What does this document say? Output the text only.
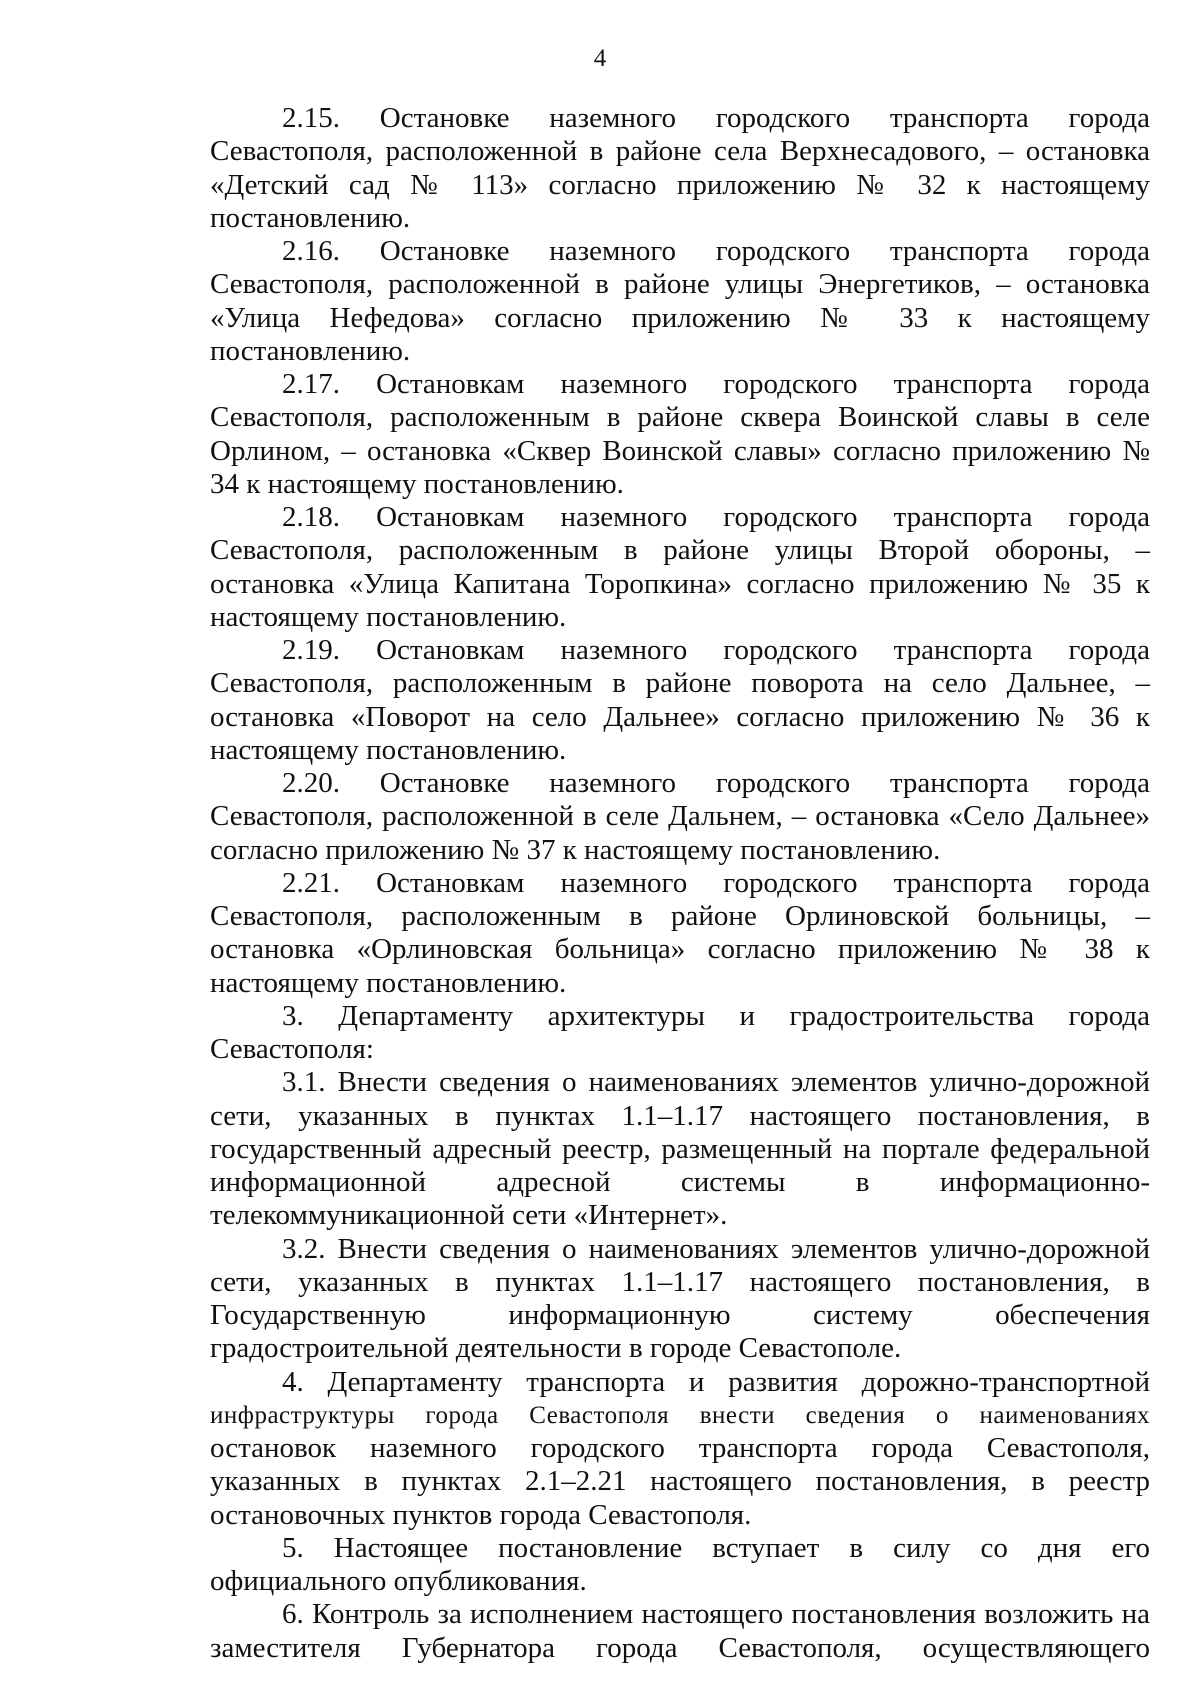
4

2.15. Остановке наземного городского транспорта города Севастополя, расположенной в районе села Верхнесадового, – остановка «Детский сад № 113» согласно приложению № 32 к настоящему постановлению.

2.16. Остановке наземного городского транспорта города Севастополя, расположенной в районе улицы Энергетиков, – остановка «Улица Нефедова» согласно приложению № 33 к настоящему постановлению.

2.17. Остановкам наземного городского транспорта города Севастополя, расположенным в районе сквера Воинской славы в селе Орлином, – остановка «Сквер Воинской славы» согласно приложению № 34 к настоящему постановлению.

2.18. Остановкам наземного городского транспорта города Севастополя, расположенным в районе улицы Второй обороны, – остановка «Улица Капитана Торопкина» согласно приложению № 35 к настоящему постановлению.

2.19. Остановкам наземного городского транспорта города Севастополя, расположенным в районе поворота на село Дальнее, – остановка «Поворот на село Дальнее» согласно приложению № 36 к настоящему постановлению.

2.20. Остановке наземного городского транспорта города Севастополя, расположенной в селе Дальнем, – остановка «Село Дальнее» согласно приложению № 37 к настоящему постановлению.

2.21. Остановкам наземного городского транспорта города Севастополя, расположенным в районе Орлиновской больницы, – остановка «Орлиновская больница» согласно приложению № 38 к настоящему постановлению.

3. Департаменту архитектуры и градостроительства города Севастополя:

3.1. Внести сведения о наименованиях элементов улично-дорожной сети, указанных в пунктах 1.1–1.17 настоящего постановления, в государственный адресный реестр, размещенный на портале федеральной информационной адресной системы в информационно-телекоммуникационной сети «Интернет».

3.2. Внести сведения о наименованиях элементов улично-дорожной сети, указанных в пунктах 1.1–1.17 настоящего постановления, в Государственную информационную систему обеспечения градостроительной деятельности в городе Севастополе.

4. Департаменту транспорта и развития дорожно-транспортной

инфраструктуры города Севастополя внести сведения о наименованиях

остановок наземного городского транспорта города Севастополя, указанных в пунктах 2.1–2.21 настоящего постановления, в реестр остановочных пунктов города Севастополя.

5. Настоящее постановление вступает в силу со дня его официального опубликования.

6. Контроль за исполнением настоящего постановления возложить на заместителя Губернатора города Севастополя, осуществляющего
